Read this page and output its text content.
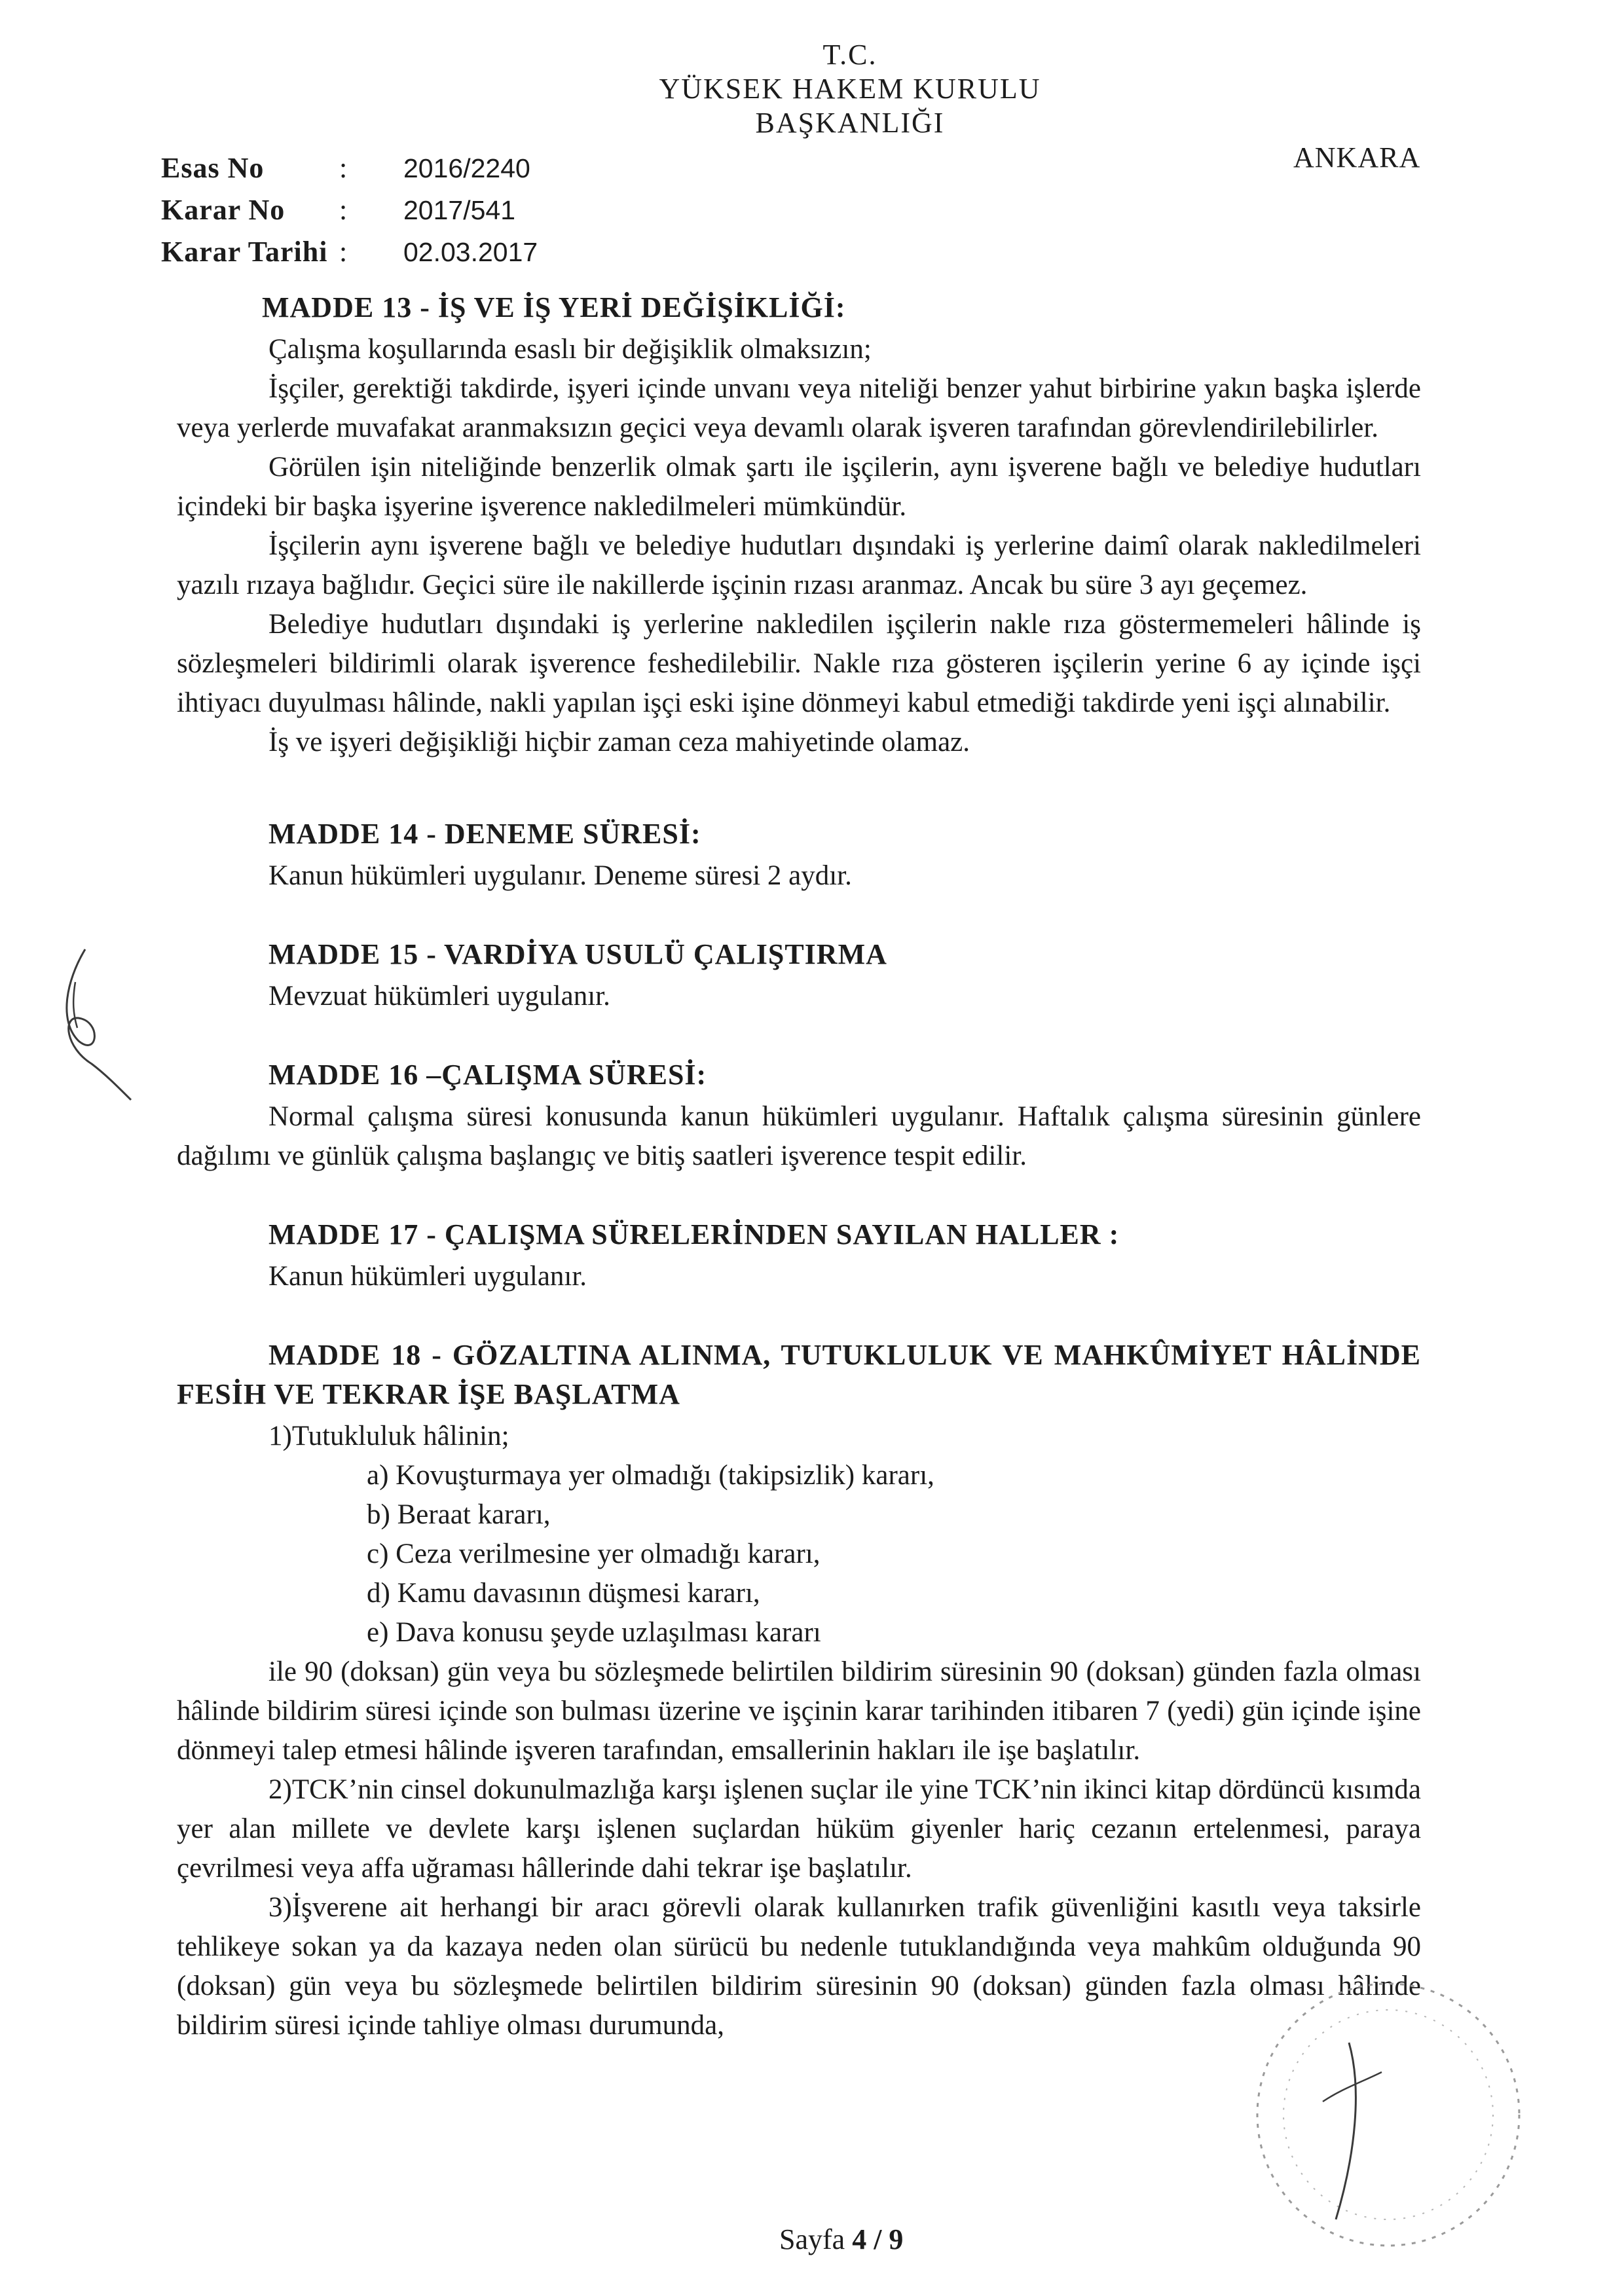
T.C.
YÜKSEK HAKEM KURULU
BAŞKANLIĞI
ANKARA
Esas No	: 2016/2240
Karar No : 2017/541
Karar Tarihi : 02.03.2017
MADDE 13 - İŞ VE İŞ YERİ DEĞİŞİKLİĞİ:

Çalışma koşullarında esaslı bir değişiklik olmaksızın;

İşçiler, gerektiği takdirde, işyeri içinde unvanı veya niteliği benzer yahut birbirine yakın başka işlerde veya yerlerde muvafakat aranmaksızın geçici veya devamlı olarak işveren tarafından görevlendirilebilirler.

Görülen işin niteliğinde benzerlik olmak şartı ile işçilerin, aynı işverene bağlı ve belediye hudutları içindeki bir başka işyerine işverence nakledilmeleri mümkündür.

İşçilerin aynı işverene bağlı ve belediye hudutları dışındaki iş yerlerine daimî olarak nakledilmeleri yazılı rızaya bağlıdır. Geçici süre ile nakillerde işçinin rızası aranmaz. Ancak bu süre 3 ayı geçemez.

Belediye hudutları dışındaki iş yerlerine nakledilen işçilerin nakle rıza göstermemeleri hâlinde iş sözleşmeleri bildirimli olarak işverence feshedilebilir. Nakle rıza gösteren işçilerin yerine 6 ay içinde işçi ihtiyacı duyulması hâlinde, nakli yapılan işçi eski işine dönmeyi kabul etmediği takdirde yeni işçi alınabilir.

İş ve işyeri değişikliği hiçbir zaman ceza mahiyetinde olamaz.

MADDE 14 - DENEME SÜRESİ:

Kanun hükümleri uygulanır. Deneme süresi 2 aydır.

MADDE 15 - VARDİYA USULÜ ÇALIŞTIRMA

Mevzuat hükümleri uygulanır.

MADDE 16 –ÇALIŞMA SÜRESİ:

Normal çalışma süresi konusunda kanun hükümleri uygulanır. Haftalık çalışma süresinin günlere dağılımı ve günlük çalışma başlangıç ve bitiş saatleri işverence tespit edilir.

MADDE 17 - ÇALIŞMA SÜRELERİNDEN SAYILAN HALLER :

Kanun hükümleri uygulanır.

MADDE 18 - GÖZALTINA ALINMA, TUTUKLULUK VE MAHKÛMİYET HÂLİNDE FESİH VE TEKRAR İŞE BAŞLATMA

1)Tutukluluk hâlinin;

a) Kovuşturmaya yer olmadığı (takipsizlik) kararı,

b) Beraat kararı,

c) Ceza verilmesine yer olmadığı kararı,

d) Kamu davasının düşmesi kararı,

e) Dava konusu şeyde uzlaşılması kararı

ile 90 (doksan) gün veya bu sözleşmede belirtilen bildirim süresinin 90 (doksan) günden fazla olması hâlinde bildirim süresi içinde son bulması üzerine ve işçinin karar tarihinden itibaren 7 (yedi) gün içinde işine dönmeyi talep etmesi hâlinde işveren tarafından, emsallerinin hakları ile işe başlatılır.

2)TCK’nin cinsel dokunulmazlığa karşı işlenen suçlar ile yine TCK’nin ikinci kitap dördüncü kısımda yer alan millete ve devlete karşı işlenen suçlardan hüküm giyenler hariç cezanın ertelenmesi, paraya çevrilmesi veya affa uğraması hâllerinde dahi tekrar işe başlatılır.

3)İşverene ait herhangi bir aracı görevli olarak kullanırken trafik güvenliğini kasıtlı veya taksirle tehlikeye sokan ya da kazaya neden olan sürücü bu nedenle tutuklandığında veya mahkûm olduğunda 90 (doksan) gün veya bu sözleşmede belirtilen bildirim süresinin 90 (doksan) günden fazla olması hâlinde bildirim süresi içinde tahliye olması durumunda,

Sayfa 4 / 9
